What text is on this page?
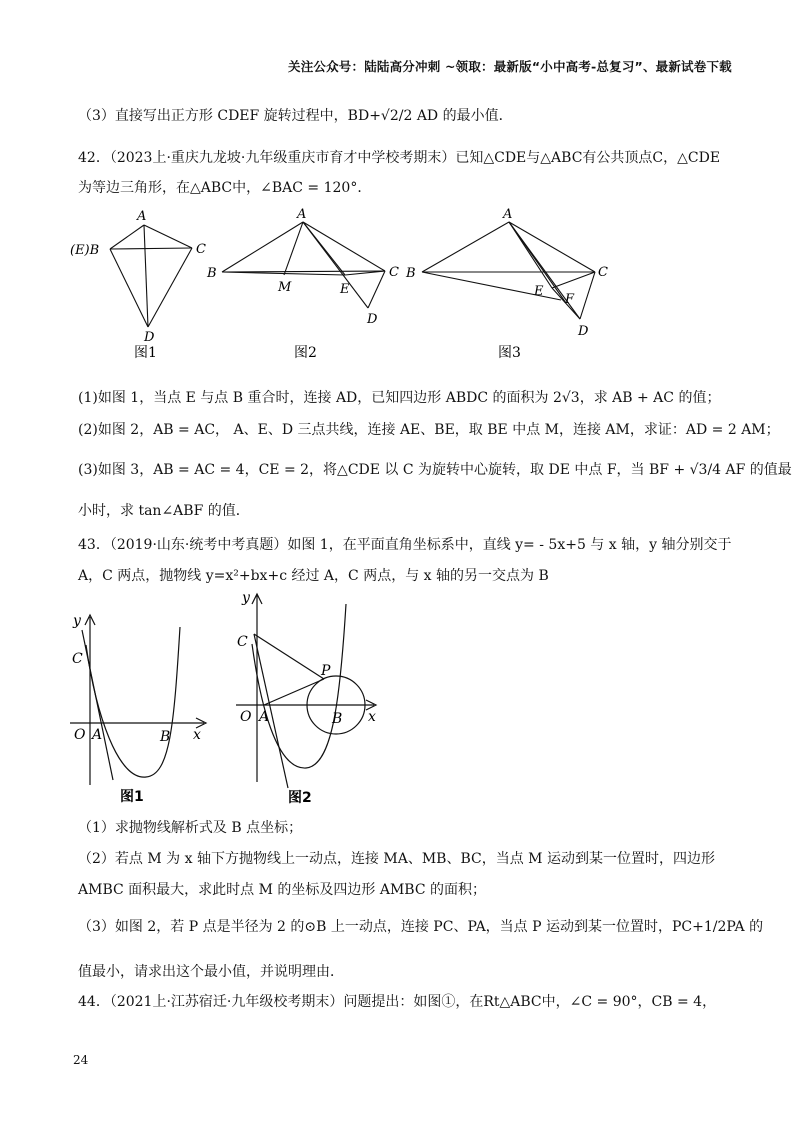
关注公众号：陆陆高分冲刺 ~领取：最新版“小中高考-总复习”、最新试卷下载
（3）直接写出正方形 CDEF 旋转过程中，BD+√2/2 AD 的最小值．
42．（2023上·重庆九龙坡·九年级重庆市育才中学校考期末）已知△CDE与△ABC有公共顶点C，△CDE
为等边三角形，在△ABC中，∠BAC = 120°．
A
(E)B	C
D
图1
A
B	C
M	E
D
图2
A
B	C
E
F
D
图3
(1)如图 1，当点 E 与点 B 重合时，连接 AD，已知四边形 ABDC 的面积为 2√3，求 AB + AC 的值；
(2)如图 2，AB = AC， A、E、D 三点共线，连接 AE、BE，取 BE 中点 M，连接 AM，求证：AD = 2 AM；
(3)如图 3，AB = AC = 4，CE = 2，将△CDE 以 C 为旋转中心旋转，取 DE 中点 F，当 BF + √3/4 AF 的值最
小时，求 tan∠ABF 的值．
43．（2019·山东·统考中考真题）如图 1，在平面直角坐标系中，直线 y= - 5x+5 与 x 轴，y 轴分别交于
A，C 两点，抛物线 y=x²+bx+c 经过 A，C 两点，与 x 轴的另一交点为 B
y
C
O A	B x
图1
y
C
P
O A	B x
图2
（1）求抛物线解析式及 B 点坐标；
（2）若点 M 为 x 轴下方抛物线上一动点，连接 MA、MB、BC，当点 M 运动到某一位置时，四边形
AMBC 面积最大，求此时点 M 的坐标及四边形 AMBC 的面积；
（3）如图 2，若 P 点是半径为 2 的⊙B 上一动点，连接 PC、PA，当点 P 运动到某一位置时，PC+1/2PA 的
值最小，请求出这个最小值，并说明理由．
44．（2021上·江苏宿迁·九年级校考期末）问题提出：如图①，在Rt△ABC中，∠C = 90°，CB = 4，
24
